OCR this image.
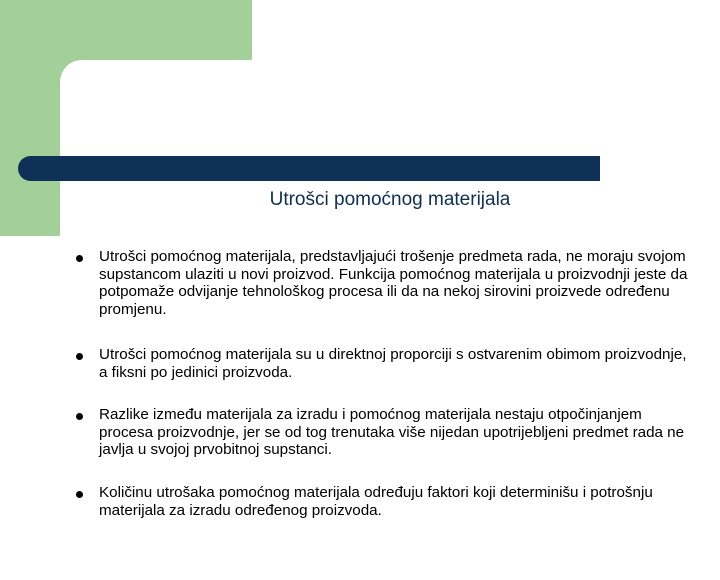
Utrošci pomoćnog materijala
Utrošci pomoćnog materijala, predstavljajući trošenje predmeta rada, ne moraju svojom supstancom ulaziti u novi proizvod. Funkcija pomoćnog materijala u proizvodnji jeste da potpomaže odvijanje tehnološkog procesa ili da na nekoj sirovini proizvede određenu promjenu.
Utrošci pomoćnog materijala su u direktnoj proporciji s ostvarenim obimom proizvodnje, a fiksni po jedinici proizvoda.
Razlike između materijala za izradu i pomoćnog materijala nestaju otpočinjanjem procesa proizvodnje, jer se od tog trenutaka više nijedan upotrijebljeni predmet rada ne javlja u svojoj prvobitnoj supstanci.
Količinu utrošaka pomoćnog materijala određuju faktori koji determinišu i potrošnju materijala za izradu određenog proizvoda.
